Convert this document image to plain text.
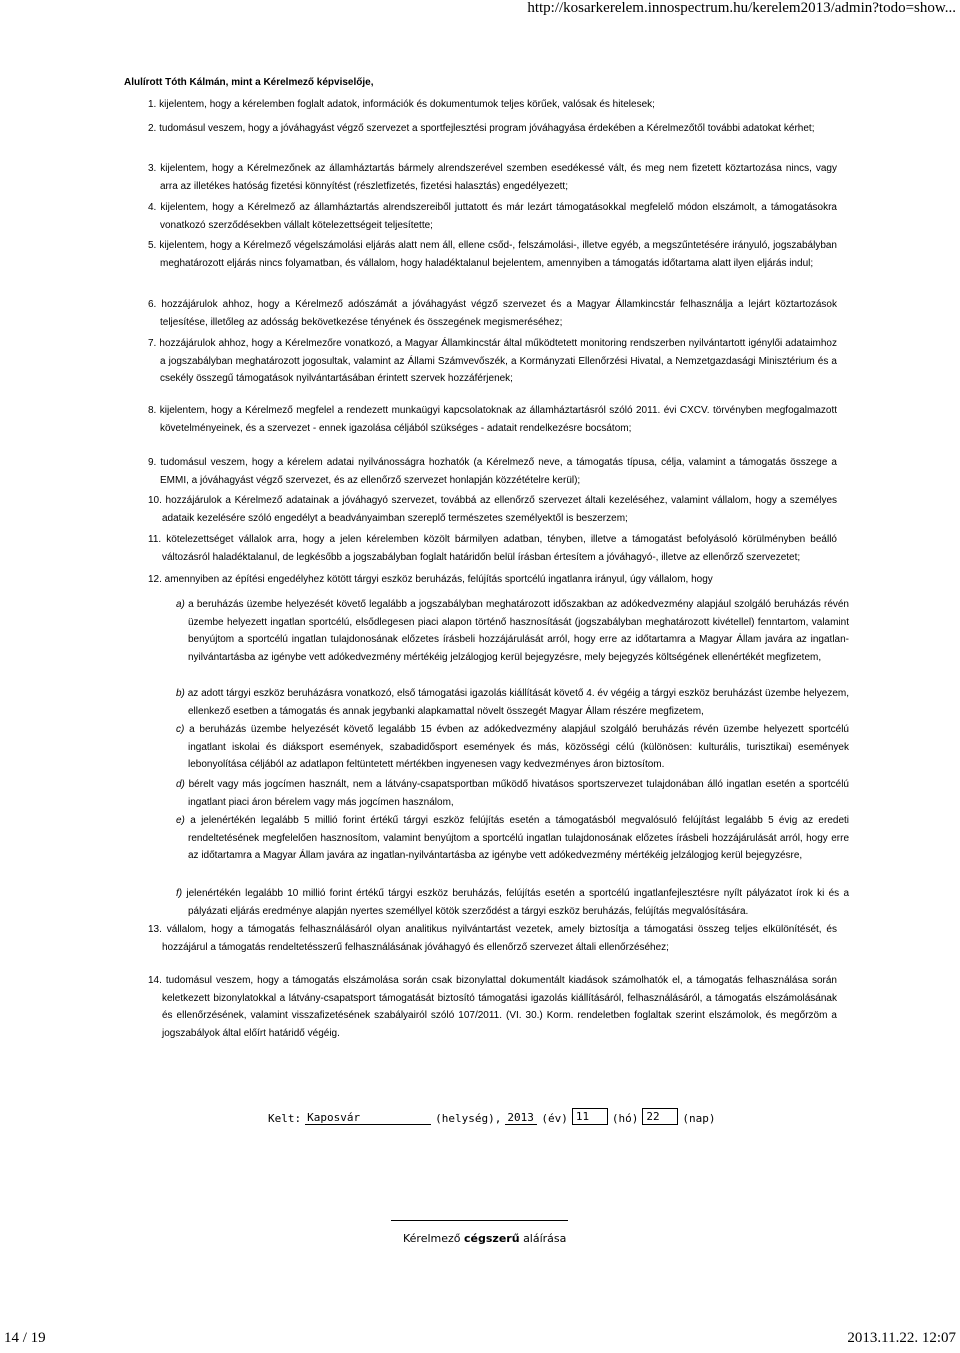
http://kosarkerelem.innospectrum.hu/kerelem2013/admin?todo=show...
Alulírott Tóth Kálmán, mint a Kérelmező képviselője,
1. kijelentem, hogy a kérelemben foglalt adatok, információk és dokumentumok teljes körűek, valósak és hitelesek;
2. tudomásul veszem, hogy a jóváhagyást végző szervezet a sportfejlesztési program jóváhagyása érdekében a Kérelmezőtől további adatokat kérhet;
3. kijelentem, hogy a Kérelmezőnek az államháztartás bármely alrendszerével szemben esedékessé vált, és meg nem fizetett köztartozása nincs, vagy arra az illetékes hatóság fizetési könnyítést (részletfizetés, fizetési halasztás) engedélyezett;
4. kijelentem, hogy a Kérelmező az államháztartás alrendszereiből juttatott és már lezárt támogatásokkal megfelelő módon elszámolt, a támogatásokra vonatkozó szerződésekben vállalt kötelezettségeit teljesítette;
5. kijelentem, hogy a Kérelmező végelszámolási eljárás alatt nem áll, ellene csőd-, felszámolási-, illetve egyéb, a megszűntetésére irányuló, jogszabályban meghatározott eljárás nincs folyamatban, és vállalom, hogy haladéktalanul bejelentem, amennyiben a támogatás időtartama alatt ilyen eljárás indul;
6. hozzájárulok ahhoz, hogy a Kérelmező adószámát a jóváhagyást végző szervezet és a Magyar Államkincstár felhasználja a lejárt köztartozások teljesítése, illetőleg az adósság bekövetkezése tényének és összegének megismeréséhez;
7. hozzájárulok ahhoz, hogy a Kérelmezőre vonatkozó, a Magyar Államkincstár által működtetett monitoring rendszerben nyilvántartott igénylői adataimhoz a jogszabályban meghatározott jogosultak, valamint az Állami Számvevőszék, a Kormányzati Ellenőrzési Hivatal, a Nemzetgazdasági Minisztérium és a csekély összegű támogatások nyilvántartásában érintett szervek hozzáférjenek;
8. kijelentem, hogy a Kérelmező megfelel a rendezett munkaügyi kapcsolatoknak az államháztartásról szóló 2011. évi CXCV. törvényben megfogalmazott követelményeinek, és a szervezet - ennek igazolása céljából szükséges - adatait rendelkezésre bocsátom;
9. tudomásul veszem, hogy a kérelem adatai nyilvánosságra hozhatók (a Kérelmező neve, a támogatás típusa, célja, valamint a támogatás összege a EMMI, a jóváhagyást végző szervezet, és az ellenőrző szervezet honlapján közzétételre kerül);
10. hozzájárulok a Kérelmező adatainak a jóváhagyó szervezet, továbbá az ellenőrző szervezet általi kezeléséhez, valamint vállalom, hogy a személyes adataik kezelésére szóló engedélyt a beadványaimban szereplő természetes személyektől is beszerzem;
11. kötelezettséget vállalok arra, hogy a jelen kérelemben közölt bármilyen adatban, tényben, illetve a támogatást befolyásoló körülményben beálló változásról haladéktalanul, de legkésőbb a jogszabályban foglalt határidőn belül írásban értesítem a jóváhagyó-, illetve az ellenőrző szervezetet;
12. amennyiben az építési engedélyhez kötött tárgyi eszköz beruházás, felújítás sportcélú ingatlanra irányul, úgy vállalom, hogy
a) a beruházás üzembe helyezését követő legalább a jogszabályban meghatározott időszakban az adókedvezmény alapjául szolgáló beruházás révén üzembe helyezett ingatlan sportcélú, elsődlegesen piaci alapon történő hasznosítását (jogszabályban meghatározott kivétellel) fenntartom, valamint benyújtom a sportcélú ingatlan tulajdonosának előzetes írásbeli hozzájárulását arról, hogy erre az időtartamra a Magyar Állam javára az ingatlan-nyilvántartásba az igénybe vett adókedvezmény mértékéig jelzálogjog kerül bejegyzésre, mely bejegyzés költségének ellenértékét megfizetem,
b) az adott tárgyi eszköz beruházásra vonatkozó, első támogatási igazolás kiállítását követő 4. év végéig a tárgyi eszköz beruházást üzembe helyezem, ellenkező esetben a támogatás és annak jegybanki alapkamattal növelt összegét Magyar Állam részére megfizetem,
c) a beruházás üzembe helyezését követő legalább 15 évben az adókedvezmény alapjául szolgáló beruházás révén üzembe helyezett sportcélú ingatlant iskolai és diáksport események, szabadidősport események és más, közösségi célú (különösen: kulturális, turisztikai) események lebonyolítása céljából az adatlapon feltüntetett mértékben ingyenesen vagy kedvezményes áron biztosítom.
d) bérelt vagy más jogcímen használt, nem a látvány-csapatsportban működő hivatásos sportszervezet tulajdonában álló ingatlan esetén a sportcélú ingatlant piaci áron bérelem vagy más jogcímen használom,
e) a jelenértékén legalább 5 millió forint értékű tárgyi eszköz felújítás esetén a támogatásból megvalósuló felújítást legalább 5 évig az eredeti rendeltetésének megfelelően hasznosítom, valamint benyújtom a sportcélú ingatlan tulajdonosának előzetes írásbeli hozzájárulását arról, hogy erre az időtartamra a Magyar Állam javára az ingatlan-nyilvántartásba az igénybe vett adókedvezmény mértékéig jelzálogjog kerül bejegyzésre,
f) jelenértékén legalább 10 millió forint értékű tárgyi eszköz beruházás, felújítás esetén a sportcélú ingatlanfejlesztésre nyílt pályázatot írok ki és a pályázati eljárás eredménye alapján nyertes személlyel kötök szerződést a tárgyi eszköz beruházás, felújítás megvalósítására.
13. vállalom, hogy a támogatás felhasználásáról olyan analitikus nyilvántartást vezetek, amely biztosítja a támogatási összeg teljes elkülönítését, és hozzájárul a támogatás rendeltetésszerű felhasználásának jóváhagyó és ellenőrző szervezet általi ellenőrzéséhez;
14. tudomásul veszem, hogy a támogatás elszámolása során csak bizonylattal dokumentált kiadások számolhatók el, a támogatás felhasználása során keletkezett bizonylatokkal a látvány-csapatsport támogatását biztosító támogatási igazolás kiállításáról, felhasználásáról, a támogatás elszámolásának és ellenőrzésének, valamint visszafizetésének szabályairól szóló 107/2011. (VI. 30.) Korm. rendeletben foglaltak szerint elszámolok, és megőrzöm a jogszabályok által előírt határidő végéig.
Kelt: Kaposvár	(helység), 2013 (év) 11	(hó) 22	(nap)
Kérelmező cégszerű aláírása
14 / 19	2013.11.22. 12:07
